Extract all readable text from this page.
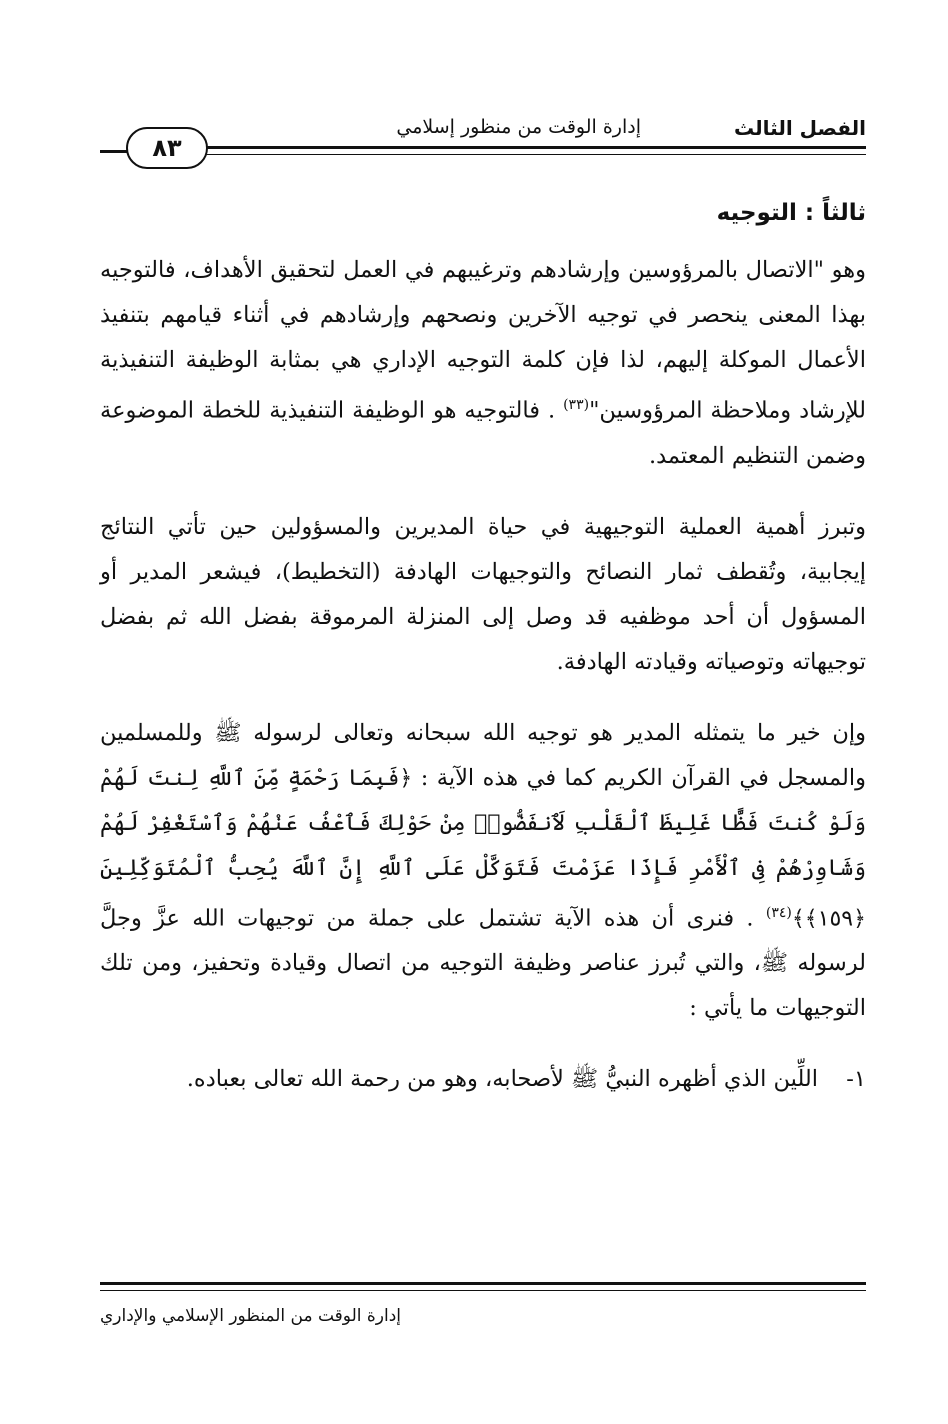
الفصل الثالث
إدارة الوقت من منظور إسلامي
٨٣
ثالثاً : التوجيه

وهو "الاتصال بالمرؤوسين وإرشادهم وترغيبهم في العمل لتحقيق الأهداف، فالتوجيه بهذا المعنى ينحصر في توجيه الآخرين ونصحهم وإرشادهم في أثناء قيامهم بتنفيذ الأعمال الموكلة إليهم، لذا فإن كلمة التوجيه الإداري هي بمثابة الوظيفة التنفيذية للإرشاد وملاحظة المرؤوسين"$^{(٣٣)}$ . فالتوجيه هو الوظيفة التنفيذية للخطة الموضوعة وضمن التنظيم المعتمد.

وتبرز أهمية العملية التوجيهية في حياة المديرين والمسؤولين حين تأتي النتائج إيجابية، وتُقطف ثمار النصائح والتوجيهات الهادفة (التخطيط)، فيشعر المدير أو المسؤول أن أحد موظفيه قد وصل إلى المنزلة المرموقة بفضل الله ثم بفضل توجيهاته وتوصياته وقيادته الهادفة.

وإن خير ما يتمثله المدير هو توجيه الله سبحانه وتعالى لرسوله ﷺ وللمسلمين والمسجل في القرآن الكريم كما في هذه الآية : ﴿فَبِمَا رَحْمَةٍ مِّنَ ٱللَّهِ لِنتَ لَهُمْ وَلَوْ كُنتَ فَظًّا غَلِيظَ ٱلْقَلْبِ لَٱنفَضُّوا۟ مِنْ حَوْلِكَ فَٱعْفُ عَنْهُمْ وَٱسْتَغْفِرْ لَهُمْ وَشَاوِرْهُمْ فِى ٱلْأَمْرِ فَإِذَا عَزَمْتَ فَتَوَكَّلْ عَلَى ٱللَّهِ إِنَّ ٱللَّهَ يُحِبُّ ٱلْمُتَوَكِّلِينَ ﴿١٥٩﴾﴾$^{(٣٤)}$ . فنرى أن هذه الآية تشتمل على جملة من توجيهات الله عزَّ وجلَّ لرسوله ﷺ، والتي تُبرز عناصر وظيفة التوجيه من اتصال وقيادة وتحفيز، ومن تلك التوجيهات ما يأتي :

١-
اللِّين الذي أظهره النبيُّ ﷺ لأصحابه، وهو من رحمة الله تعالى بعباده.
إدارة الوقت من المنظور الإسلامي والإداري
